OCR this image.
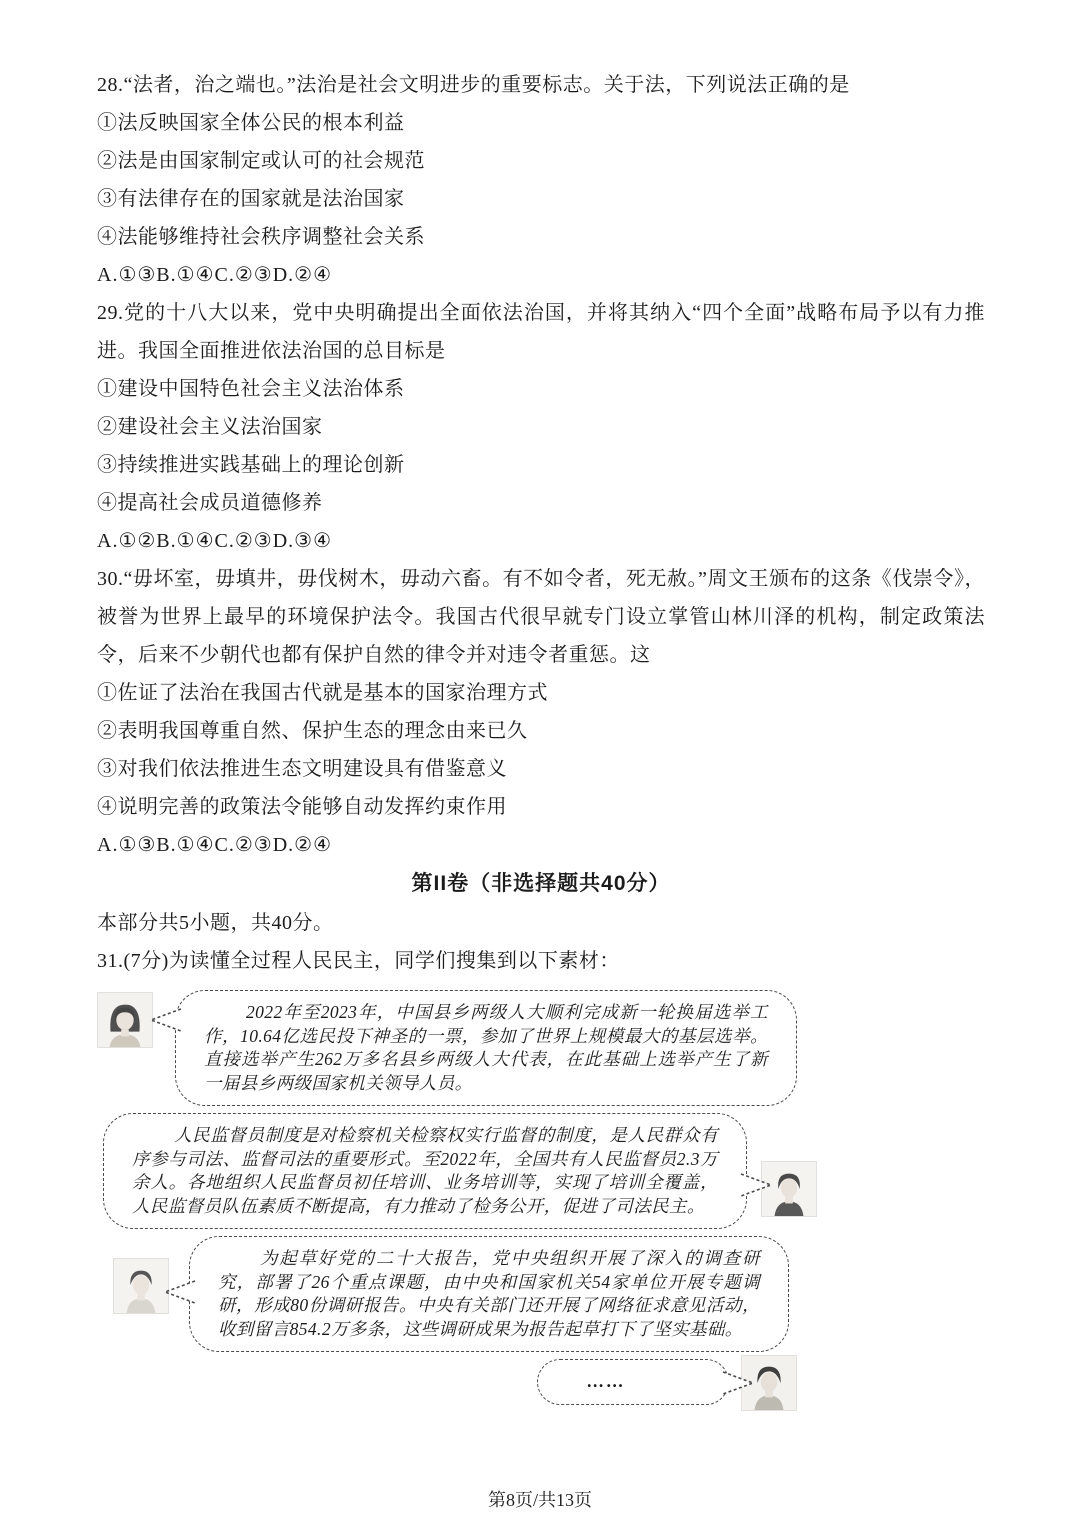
28.“法者，治之端也。”法治是社会文明进步的重要标志。关于法，下列说法正确的是

①法反映国家全体公民的根本利益

②法是由国家制定或认可的社会规范

③有法律存在的国家就是法治国家

④法能够维持社会秩序调整社会关系

A.①③B.①④C.②③D.②④

29.党的十八大以来，党中央明确提出全面依法治国，并将其纳入“四个全面”战略布局予以有力推进。我国全面推进依法治国的总目标是

①建设中国特色社会主义法治体系

②建设社会主义法治国家

③持续推进实践基础上的理论创新

④提高社会成员道德修养

A.①②B.①④C.②③D.③④

30.“毋坏室，毋填井，毋伐树木，毋动六畜。有不如令者，死无赦。”周文王颁布的这条《伐崇令》，被誉为世界上最早的环境保护法令。我国古代很早就专门设立掌管山林川泽的机构，制定政策法令，后来不少朝代也都有保护自然的律令并对违令者重惩。这

①佐证了法治在我国古代就是基本的国家治理方式

②表明我国尊重自然、保护生态的理念由来已久

③对我们依法推进生态文明建设具有借鉴意义

④说明完善的政策法令能够自动发挥约束作用

A.①③B.①④C.②③D.②④

第II卷（非选择题共40分）

本部分共5小题，共40分。

31.(7分)为读懂全过程人民民主，同学们搜集到以下素材：

2022年至2023年，中国县乡两级人大顺利完成新一轮换届选举工作，10.64亿选民投下神圣的一票，参加了世界上规模最大的基层选举。直接选举产生262万多名县乡两级人大代表，在此基础上选举产生了新一届县乡两级国家机关领导人员。

人民监督员制度是对检察机关检察权实行监督的制度，是人民群众有序参与司法、监督司法的重要形式。至2022年，全国共有人民监督员2.3万余人。各地组织人民监督员初任培训、业务培训等，实现了培训全覆盖，人民监督员队伍素质不断提高，有力推动了检务公开，促进了司法民主。

为起草好党的二十大报告，党中央组织开展了深入的调查研究，部署了26个重点课题，由中央和国家机关54家单位开展专题调研，形成80份调研报告。中央有关部门还开展了网络征求意见活动，收到留言854.2万多条，这些调研成果为报告起草打下了坚实基础。

……

第8页/共13页
